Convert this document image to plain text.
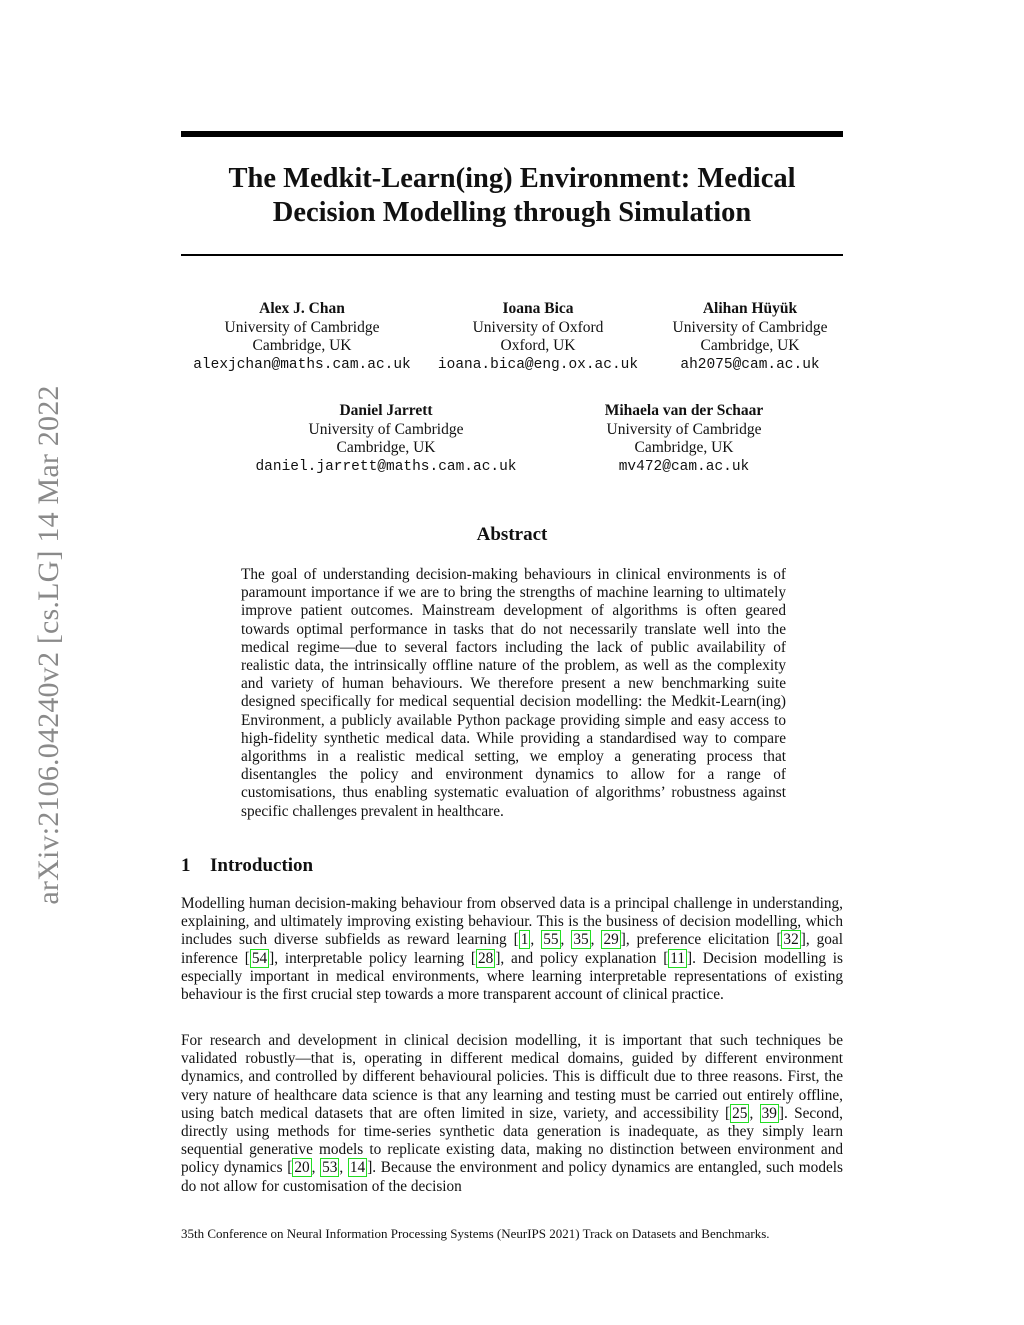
arXiv:2106.04240v2 [cs.LG] 14 Mar 2022
The Medkit-Learn(ing) Environment: Medical
Decision Modelling through Simulation
Alex J. Chan
University of Cambridge
Cambridge, UK
alexjchan@maths.cam.ac.uk
Ioana Bica
University of Oxford
Oxford, UK
ioana.bica@eng.ox.ac.uk
Alihan Hüyük
University of Cambridge
Cambridge, UK
ah2075@cam.ac.uk
Daniel Jarrett
University of Cambridge
Cambridge, UK
daniel.jarrett@maths.cam.ac.uk
Mihaela van der Schaar
University of Cambridge
Cambridge, UK
mv472@cam.ac.uk
Abstract
The goal of understanding decision-making behaviours in clinical environments is of paramount importance if we are to bring the strengths of machine learning to ultimately improve patient outcomes. Mainstream development of algorithms is often geared towards optimal performance in tasks that do not necessarily translate well into the medical regime—due to several factors including the lack of public availability of realistic data, the intrinsically offline nature of the problem, as well as the complexity and variety of human behaviours. We therefore present a new benchmarking suite designed specifically for medical sequential decision modelling: the Medkit-Learn(ing) Environment, a publicly available Python package providing simple and easy access to high-fidelity synthetic medical data. While providing a standardised way to compare algorithms in a realistic medical setting, we employ a generating process that disentangles the policy and environment dynamics to allow for a range of customisations, thus enabling systematic evaluation of algorithms’ robustness against specific challenges prevalent in healthcare.
1 Introduction
Modelling human decision-making behaviour from observed data is a principal challenge in understanding, explaining, and ultimately improving existing behaviour. This is the business of decision modelling, which includes such diverse subfields as reward learning [ 1 , 55 , 35 , 29 ], preference elicitation [ 32 ], goal inference [ 54 ], interpretable policy learning [ 28 ], and policy explanation [ 11 ]. Decision modelling is especially important in medical environments, where learning interpretable representations of existing behaviour is the first crucial step towards a more transparent account of clinical practice.
For research and development in clinical decision modelling, it is important that such techniques be validated robustly—that is, operating in different medical domains, guided by different environment dynamics, and controlled by different behavioural policies. This is difficult due to three reasons. First, the very nature of healthcare data science is that any learning and testing must be carried out entirely offline, using batch medical datasets that are often limited in size, variety, and accessibility [ 25 , 39 ]. Second, directly using methods for time-series synthetic data generation is inadequate, as they simply learn sequential generative models to replicate existing data, making no distinction between environment and policy dynamics [ 20 , 53 , 14 ]. Because the environment and policy dynamics are entangled, such models do not allow for customisation of the decision
35th Conference on Neural Information Processing Systems (NeurIPS 2021) Track on Datasets and Benchmarks.
